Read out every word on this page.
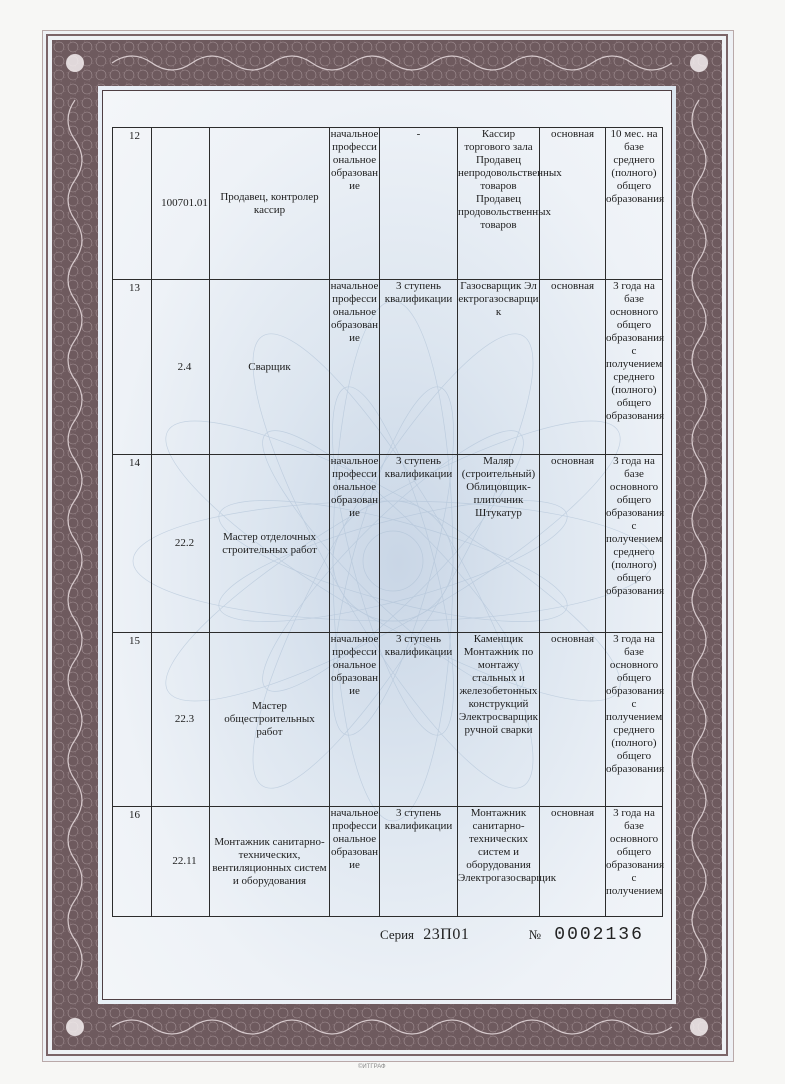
12	100701.01	Продавец, контролер кассир	начальное профессиональное образование	-	Кассир торгового зала Продавец непродовольственных товаров Продавец продовольственных товаров	основная	10 мес. на базе среднего (полного) общего образования
13	2.4	Сварщик	начальное профессиональное образование	3 ступень квалификации	Газосварщик Электрогазосварщик	основная	3 года на базе основного общего образования с получением среднего (полного) общего образования
14	22.2	Мастер отделочных строительных работ	начальное профессиональное образование	3 ступень квалификации	Маляр (строительный) Облицовщик-плиточник Штукатур	основная	3 года на базе основного общего образования с получением среднего (полного) общего образования
15	22.3	Мастер общестроительных работ	начальное профессиональное образование	3 ступень квалификации	Каменщик Монтажник по монтажу стальных и железобетонных конструкций Электросварщик ручной сварки	основная	3 года на базе основного общего образования с получением среднего (полного) общего образования
16	22.11	Монтажник санитарно-технических, вентиляционных систем и оборудования	начальное профессиональное образование	3 ступень квалификации	Монтажник санитарно-технических систем и оборудования Электрогазосварщик	основная	3 года на базе основного общего образования с получением
Серия 23П01	№ 0002136
©ИТГРАФ
